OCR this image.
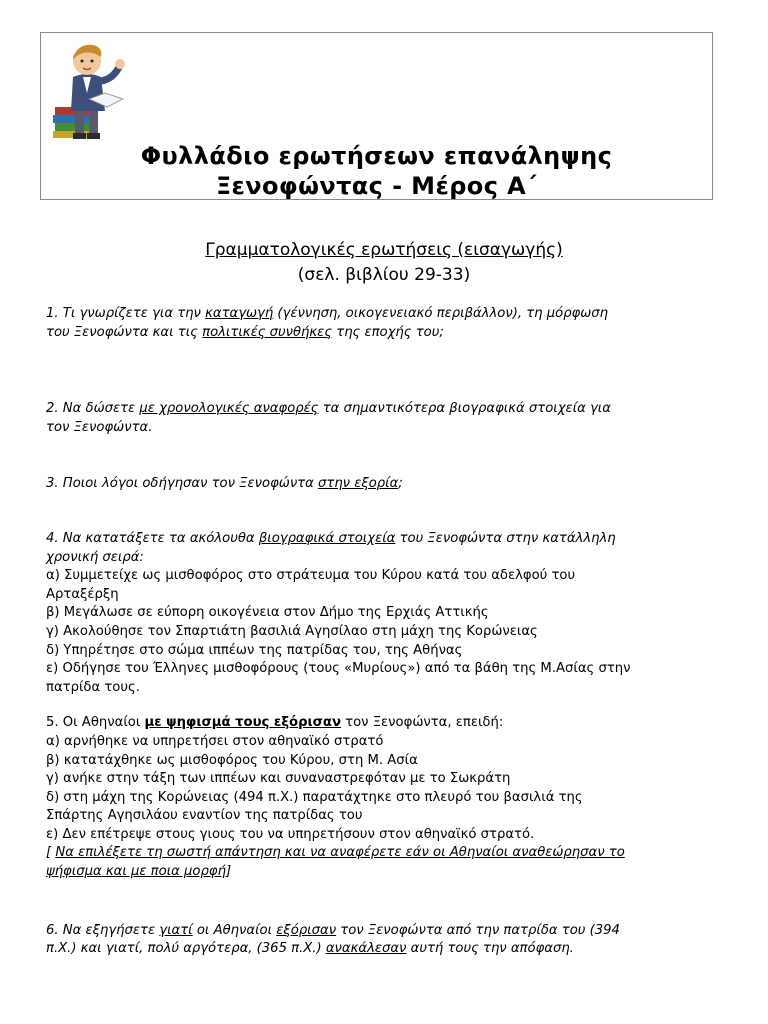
Φυλλάδιο ερωτήσεων επανάληψης
Ξενοφώντας - Μέρος Α΄
Γραμματολογικές ερωτήσεις (εισαγωγής)
(σελ. βιβλίου 29-33)
1. Τι γνωρίζετε για την καταγωγή (γέννηση, οικογενειακό περιβάλλον), τη μόρφωση
του Ξενοφώντα και τις πολιτικές συνθήκες της εποχής του;
2. Να δώσετε με χρονολογικές αναφορές τα σημαντικότερα βιογραφικά στοιχεία για
τον Ξενοφώντα.
3. Ποιοι λόγοι οδήγησαν τον Ξενοφώντα στην εξορία;
4. Να κατατάξετε τα ακόλουθα βιογραφικά στοιχεία του Ξενοφώντα στην κατάλληλη
χρονική σειρά:
α) Συμμετείχε ως μισθοφόρος στο στράτευμα του Κύρου κατά του αδελφού του
Αρταξέρξη
β) Μεγάλωσε σε εύπορη οικογένεια στον Δήμο της Ερχιάς Αττικής
γ) Ακολούθησε τον Σπαρτιάτη βασιλιά Αγησίλαο στη μάχη της Κορώνειας
δ) Υπηρέτησε στο σώμα ιππέων της πατρίδας του, της Αθήνας
ε) Οδήγησε του Έλληνες μισθοφόρους (τους «Μυρίους») από τα βάθη της Μ.Ασίας στην
πατρίδα τους.
5. Οι Αθηναίοι με ψηφισμά τους εξόρισαν τον Ξενοφώντα, επειδή:
α) αρνήθηκε να υπηρετήσει στον αθηναϊκό στρατό
β) κατατάχθηκε ως μισθοφόρος του Κύρου, στη Μ. Ασία
γ) ανήκε στην τάξη των ιππέων και συναναστρεφόταν με το Σωκράτη
δ) στη μάχη της Κορώνειας (494 π.Χ.) παρατάχτηκε στο πλευρό του βασιλιά της
Σπάρτης Αγησιλάου εναντίον της πατρίδας του
ε) Δεν επέτρεψε στους γιους του να υπηρετήσουν στον αθηναϊκό στρατό.
[ Να επιλέξετε τη σωστή απάντηση και να αναφέρετε εάν οι Αθηναίοι αναθεώρησαν το
ψήφισμα και με ποια μορφή]
6. Να εξηγήσετε γιατί οι Αθηναίοι εξόρισαν τον Ξενοφώντα από την πατρίδα του (394
π.Χ.) και γιατί, πολύ αργότερα, (365 π.Χ.) ανακάλεσαν αυτή τους την απόφαση.
